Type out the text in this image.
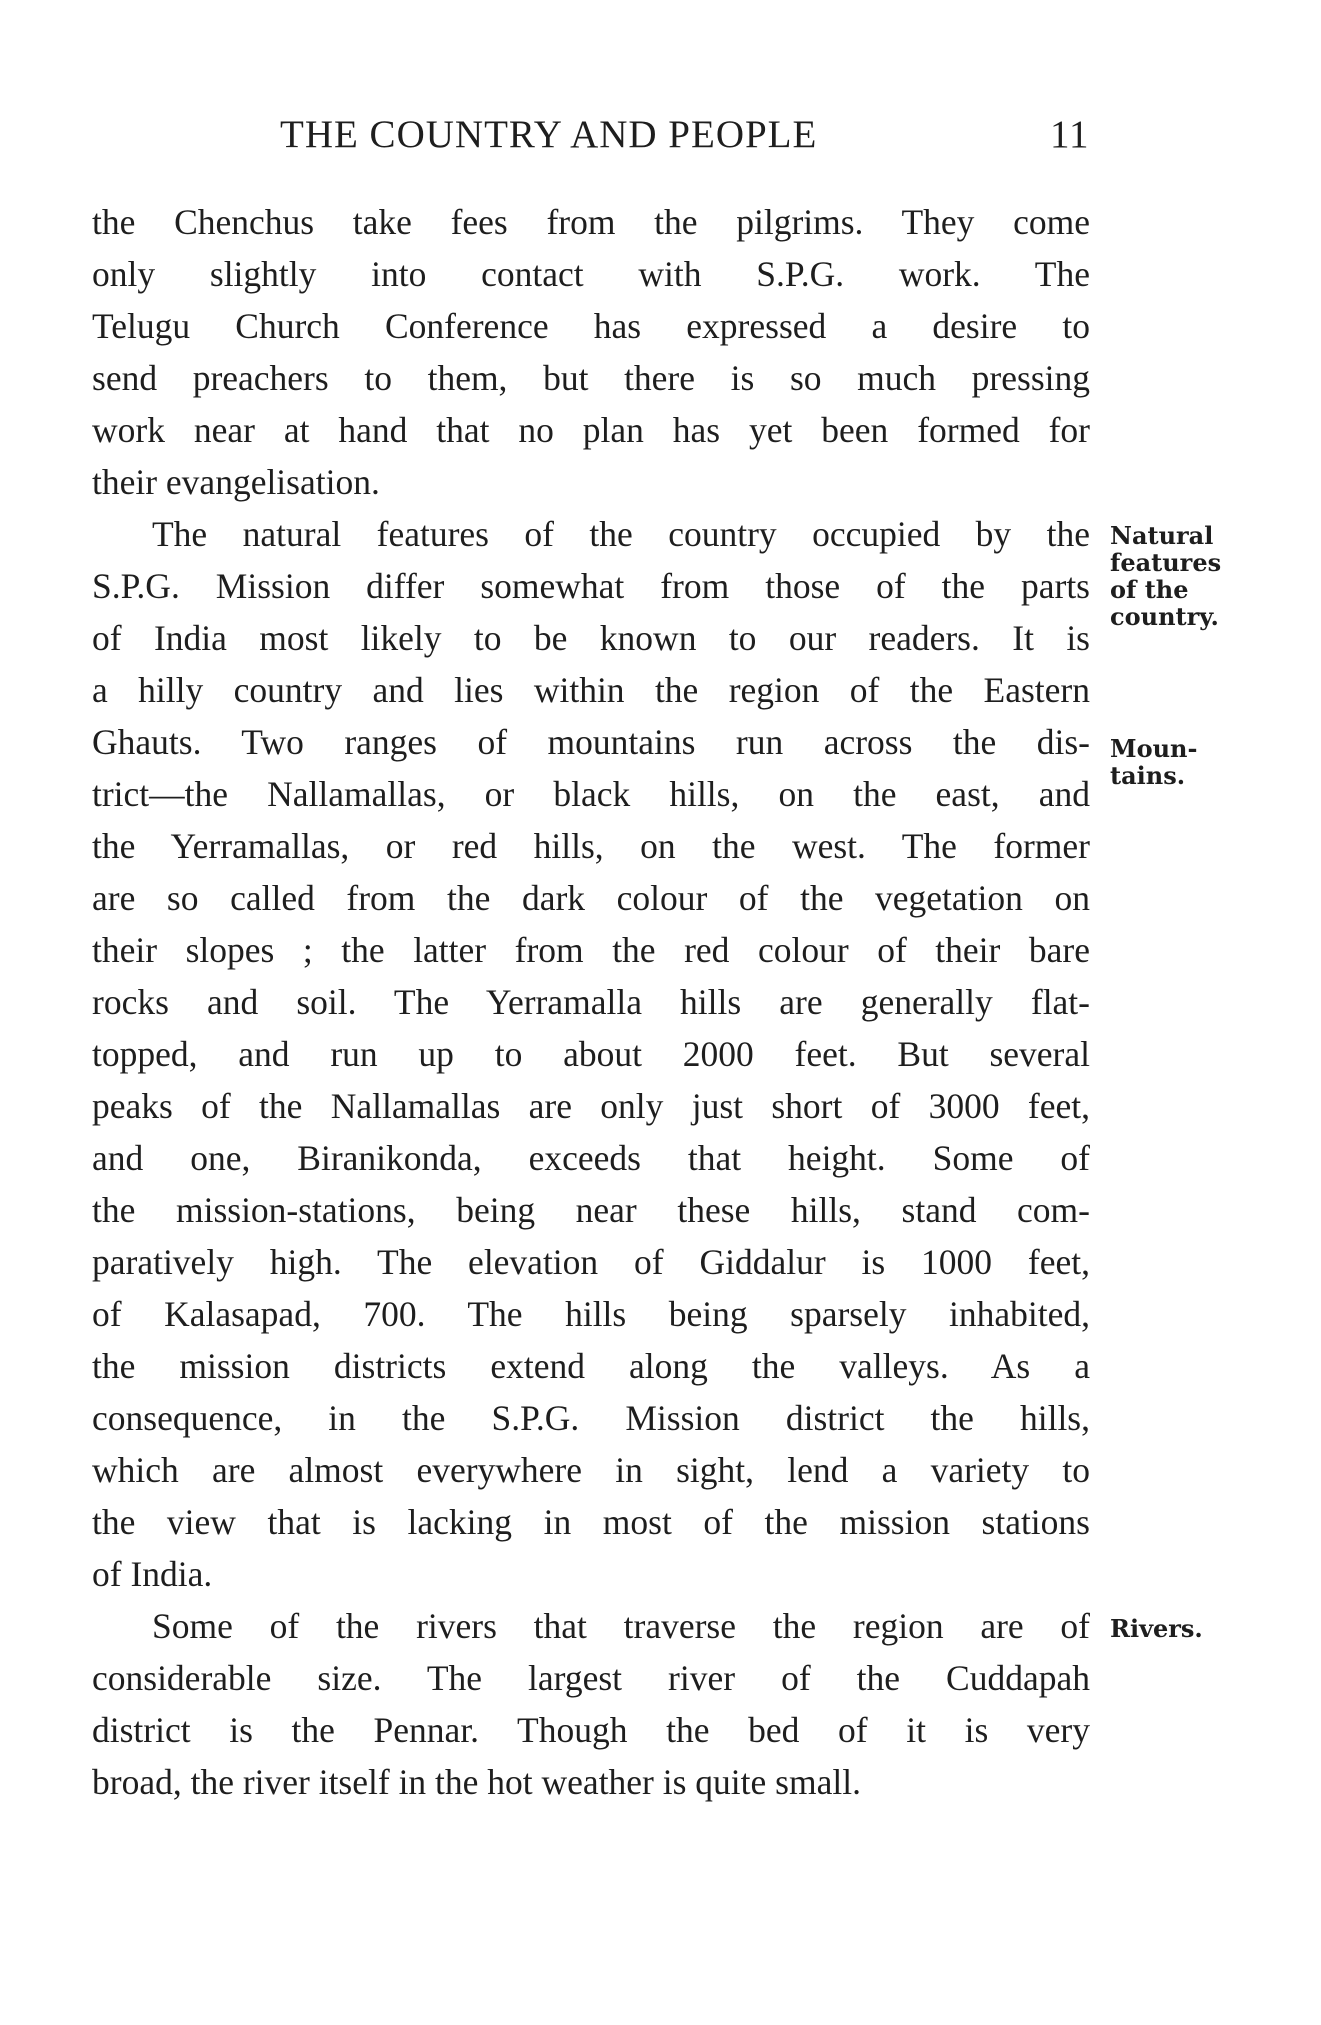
THE COUNTRY AND PEOPLE	11
the Chenchus take fees from the pilgrims. They come
only slightly into contact with S.P.G. work. The
Telugu Church Conference has expressed a desire to
send preachers to them, but there is so much pressing
work near at hand that no plan has yet been formed for
their evangelisation.
The natural features of the country occupied by the
S.P.G. Mission differ somewhat from those of the parts
of India most likely to be known to our readers. It is
a hilly country and lies within the region of the Eastern
Ghauts. Two ranges of mountains run across the dis-
trict—the Nallamallas, or black hills, on the east, and
the Yerramallas, or red hills, on the west. The former
are so called from the dark colour of the vegetation on
their slopes ; the latter from the red colour of their bare
rocks and soil. The Yerramalla hills are generally flat-
topped, and run up to about 2000 feet. But several
peaks of the Nallamallas are only just short of 3000 feet,
and one, Biranikonda, exceeds that height. Some of
the mission-stations, being near these hills, stand com-
paratively high. The elevation of Giddalur is 1000 feet,
of Kalasapad, 700. The hills being sparsely inhabited,
the mission districts extend along the valleys. As a
consequence, in the S.P.G. Mission district the hills,
which are almost everywhere in sight, lend a variety to
the view that is lacking in most of the mission stations
of India.
Some of the rivers that traverse the region are of
considerable size. The largest river of the Cuddapah
district is the Pennar. Though the bed of it is very
broad, the river itself in the hot weather is quite small.
Natural
features
of the
country.
Moun-
tains.
Rivers.
